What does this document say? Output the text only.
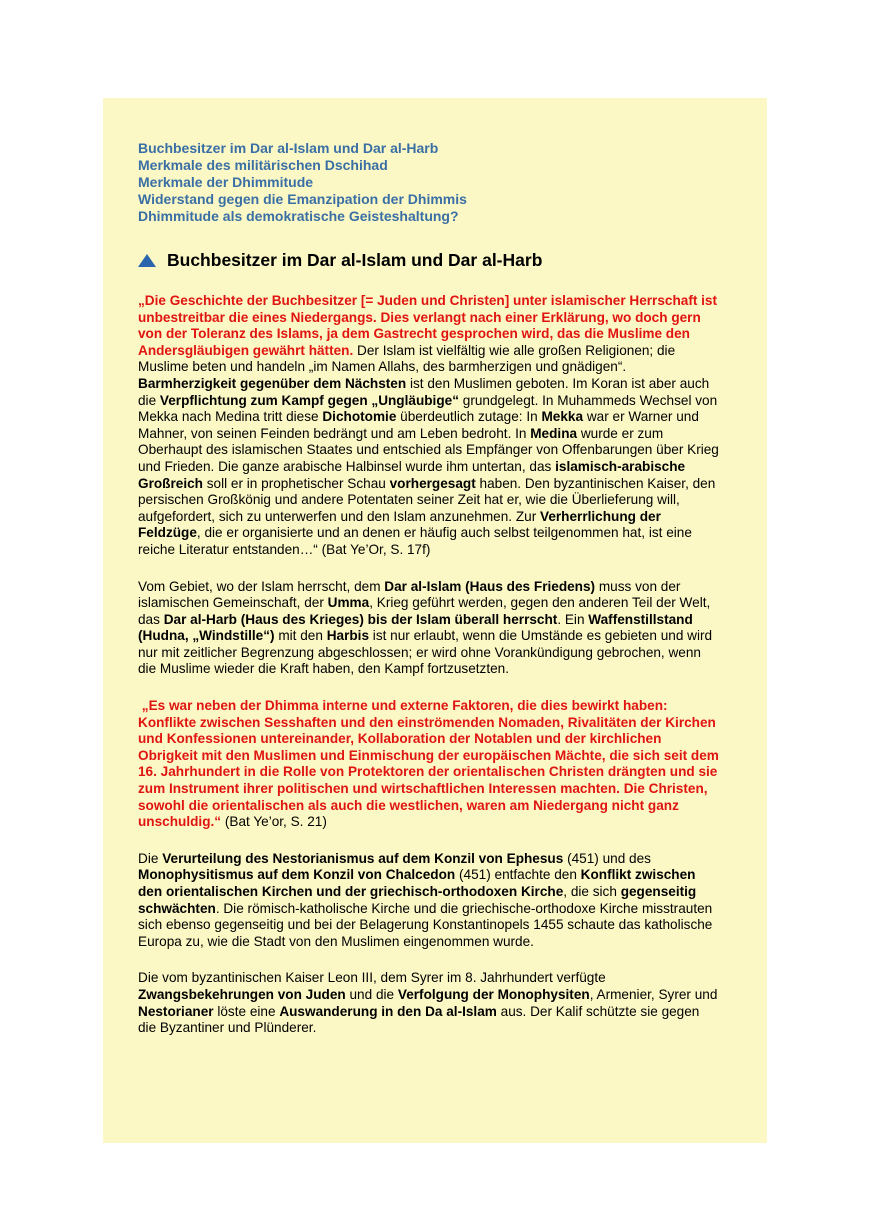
Buchbesitzer im Dar al-Islam und Dar al-Harb
Merkmale des militärischen Dschihad
Merkmale der Dhimmitude
Widerstand gegen die Emanzipation der Dhimmis
Dhimmitude als demokratische Geisteshaltung?
Buchbesitzer im Dar al-Islam und Dar al-Harb

„Die Geschichte der Buchbesitzer [= Juden und Christen] unter islamischer Herrschaft ist unbestreitbar die eines Niedergangs. Dies verlangt nach einer Erklärung, wo doch gern von der Toleranz des Islams, ja dem Gastrecht gesprochen wird, das die Muslime den Andersgläubigen gewährt hätten. Der Islam ist vielfältig wie alle großen Religionen; die Muslime beten und handeln „im Namen Allahs, des barmherzigen und gnädigen“. Barmherzigkeit gegenüber dem Nächsten ist den Muslimen geboten. Im Koran ist aber auch die Verpflichtung zum Kampf gegen „Ungläubige“ grundgelegt. In Muhammeds Wechsel von Mekka nach Medina tritt diese Dichotomie überdeutlich zutage: In Mekka war er Warner und Mahner, von seinen Feinden bedrängt und am Leben bedroht. In Medina wurde er zum Oberhaupt des islamischen Staates und entschied als Empfänger von Offenbarungen über Krieg und Frieden. Die ganze arabische Halbinsel wurde ihm untertan, das islamisch-arabische Großreich soll er in prophetischer Schau vorhergesagt haben. Den byzantinischen Kaiser, den persischen Großkönig und andere Potentaten seiner Zeit hat er, wie die Überlieferung will, aufgefordert, sich zu unterwerfen und den Islam anzunehmen. Zur Verherrlichung der Feldzüge, die er organisierte und an denen er häufig auch selbst teilgenommen hat, ist eine reiche Literatur entstanden…“ (Bat Ye’Or, S. 17f)

Vom Gebiet, wo der Islam herrscht, dem Dar al-Islam (Haus des Friedens) muss von der islamischen Gemeinschaft, der Umma, Krieg geführt werden, gegen den anderen Teil der Welt, das Dar al-Harb (Haus des Krieges) bis der Islam überall herrscht. Ein Waffenstillstand (Hudna, „Windstille“) mit den Harbis ist nur erlaubt, wenn die Umstände es gebieten und wird nur mit zeitlicher Begrenzung abgeschlossen; er wird ohne Vorankündigung gebrochen, wenn die Muslime wieder die Kraft haben, den Kampf fortzusetzten.

„Es war neben der Dhimma interne und externe Faktoren, die dies bewirkt haben: Konflikte zwischen Sesshaften und den einströmenden Nomaden, Rivalitäten der Kirchen und Konfessionen untereinander, Kollaboration der Notablen und der kirchlichen Obrigkeit mit den Muslimen und Einmischung der europäischen Mächte, die sich seit dem 16. Jahrhundert in die Rolle von Protektoren der orientalischen Christen drängten und sie zum Instrument ihrer politischen und wirtschaftlichen Interessen machten. Die Christen, sowohl die orientalischen als auch die westlichen, waren am Niedergang nicht ganz unschuldig.“ (Bat Ye’or, S. 21)

Die Verurteilung des Nestorianismus auf dem Konzil von Ephesus (451) und des Monophysitismus auf dem Konzil von Chalcedon (451) entfachte den Konflikt zwischen den orientalischen Kirchen und der griechisch-orthodoxen Kirche, die sich gegenseitig schwächten. Die römisch-katholische Kirche und die griechische-orthodoxe Kirche misstrauten sich ebenso gegenseitig und bei der Belagerung Konstantinopels 1455 schaute das katholische Europa zu, wie die Stadt von den Muslimen eingenommen wurde.

Die vom byzantinischen Kaiser Leon III, dem Syrer im 8. Jahrhundert verfügte Zwangsbekehrungen von Juden und die Verfolgung der Monophysiten, Armenier, Syrer und Nestorianer löste eine Auswanderung in den Da al-Islam aus. Der Kalif schützte sie gegen die Byzantiner und Plünderer.
